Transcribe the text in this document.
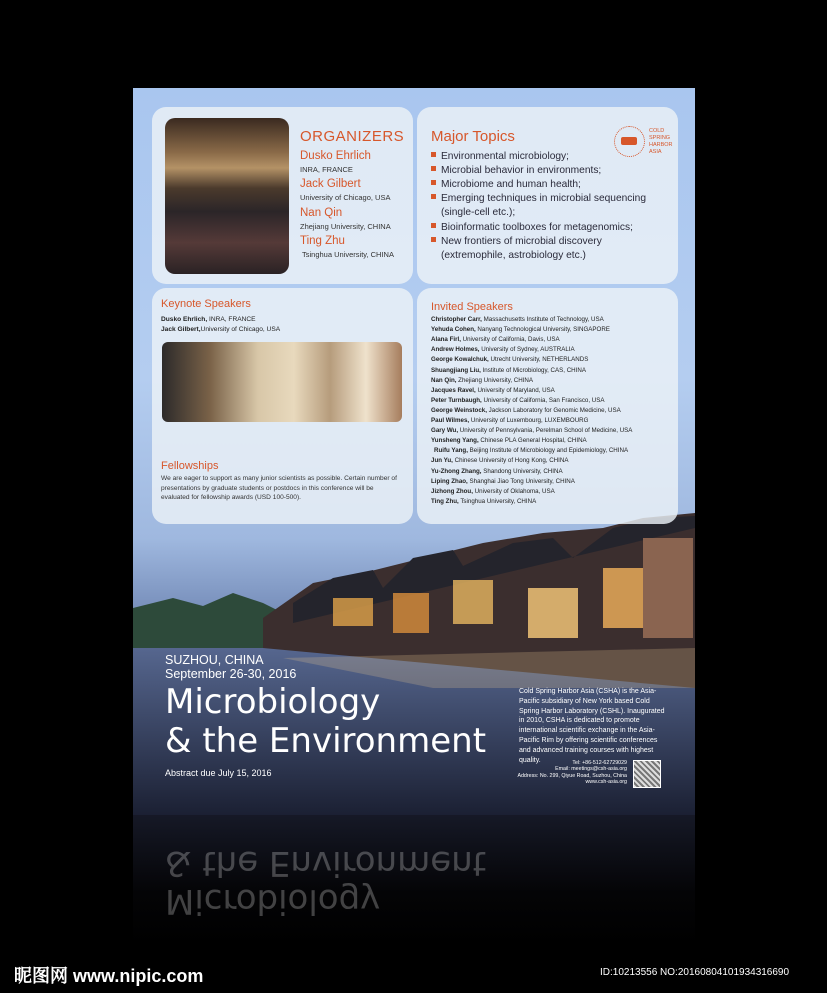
ORGANIZERS
Dusko Ehrlich
INRA, FRANCE
Jack Gilbert
University of Chicago, USA
Nan Qin
Zhejiang University, CHINA
Ting Zhu
Tsinghua University, CHINA
Major Topics
Environmental microbiology;
Microbial behavior in environments;
Microbiome and human health;
Emerging techniques in microbial sequencing
(single-cell etc.);
Bioinformatic toolboxes for metagenomics;
New frontiers of microbial discovery
(extremophile, astrobiology etc.)
COLD SPRING HARBOR ASIA
Keynote Speakers
Dusko Ehrlich, INRA, FRANCE
Jack Gilbert,University of Chicago, USA
Fellowships
We are eager to support as many junior scientists as possible. Certain number of presentations by graduate students or postdocs in this conference will be evaluated for fellowship awards (USD 100-500).
Invited Speakers
Christopher Carr, Massachusetts Institute of Technology, USA
Yehuda Cohen, Nanyang Technological University, SINGAPORE
Alana Firl, University of California, Davis, USA
Andrew Holmes, University of Sydney, AUSTRALIA
George Kowalchuk, Utrecht University, NETHERLANDS
Shuangjiang Liu, Institute of Microbiology, CAS, CHINA
Nan Qin, Zhejiang University, CHINA
Jacques Ravel, University of Maryland, USA
Peter Turnbaugh, University of California, San Francisco, USA
George Weinstock, Jackson Laboratory for Genomic Medicine, USA
Paul Wilmes, University of Luxembourg, LUXEMBOURG
Gary Wu, University of Pennsylvania, Perelman School of Medicine, USA
Yunsheng Yang, Chinese PLA General Hospital, CHINA
Ruifu Yang, Beijing Institute of Microbiology and Epidemiology, CHINA
Jun Yu, Chinese University of Hong Kong, CHINA
Yu-Zhong Zhang, Shandong University, CHINA
Liping Zhao, Shanghai Jiao Tong University, CHINA
Jizhong Zhou, University of Oklahoma, USA
Ting Zhu, Tsinghua University, CHINA
SUZHOU, CHINA
September 26-30, 2016
Microbiology
& the Environment
Abstract due July 15, 2016
Cold Spring Harbor Asia (CSHA) is the Asia-Pacific subsidiary of New York based Cold Spring Harbor Laboratory (CSHL). Inaugurated in 2010, CSHA is dedicated to promote international scientific exchange in the Asia-Pacific Rim by offering scientific conferences and advanced training courses with highest quality.	Tel: +86-512-62729029
Email: meetings@csh-asia.org
Address: No. 299, Qiyue Road, Suzhou, China
www.csh-asia.org
& the Environment
Microbiology
昵图网 www.nipic.com	ID:10213556 NO:20160804101934316690
